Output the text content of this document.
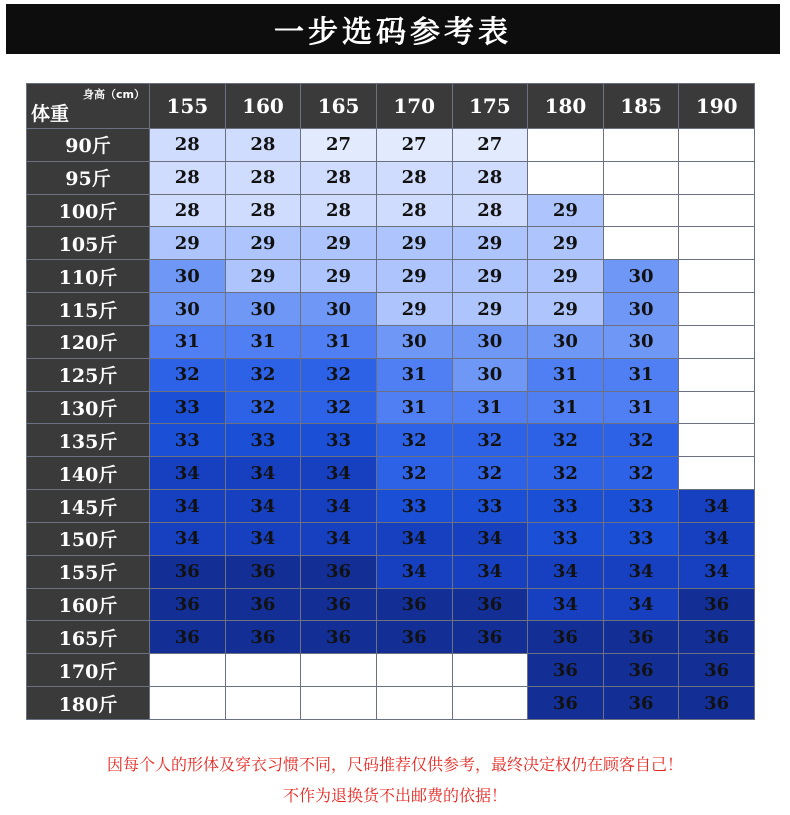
一步选码参考表
身高（cm）
体重	155	160	165	170	175	180	185	190
90斤	28	28	27	27	27			
95斤	28	28	28	28	28			
100斤	28	28	28	28	28	29		
105斤	29	29	29	29	29	29		
110斤	30	29	29	29	29	29	30	
115斤	30	30	30	29	29	29	30	
120斤	31	31	31	30	30	30	30	
125斤	32	32	32	31	30	31	31	
130斤	33	32	32	31	31	31	31	
135斤	33	33	33	32	32	32	32	
140斤	34	34	34	32	32	32	32	
145斤	34	34	34	33	33	33	33	34
150斤	34	34	34	34	34	33	33	34
155斤	36	36	36	34	34	34	34	34
160斤	36	36	36	36	36	34	34	36
165斤	36	36	36	36	36	36	36	36
170斤						36	36	36
180斤						36	36	36
因每个人的形体及穿衣习惯不同，尺码推荐仅供参考，最终决定权仍在顾客自己！
不作为退换货不出邮费的依据！
